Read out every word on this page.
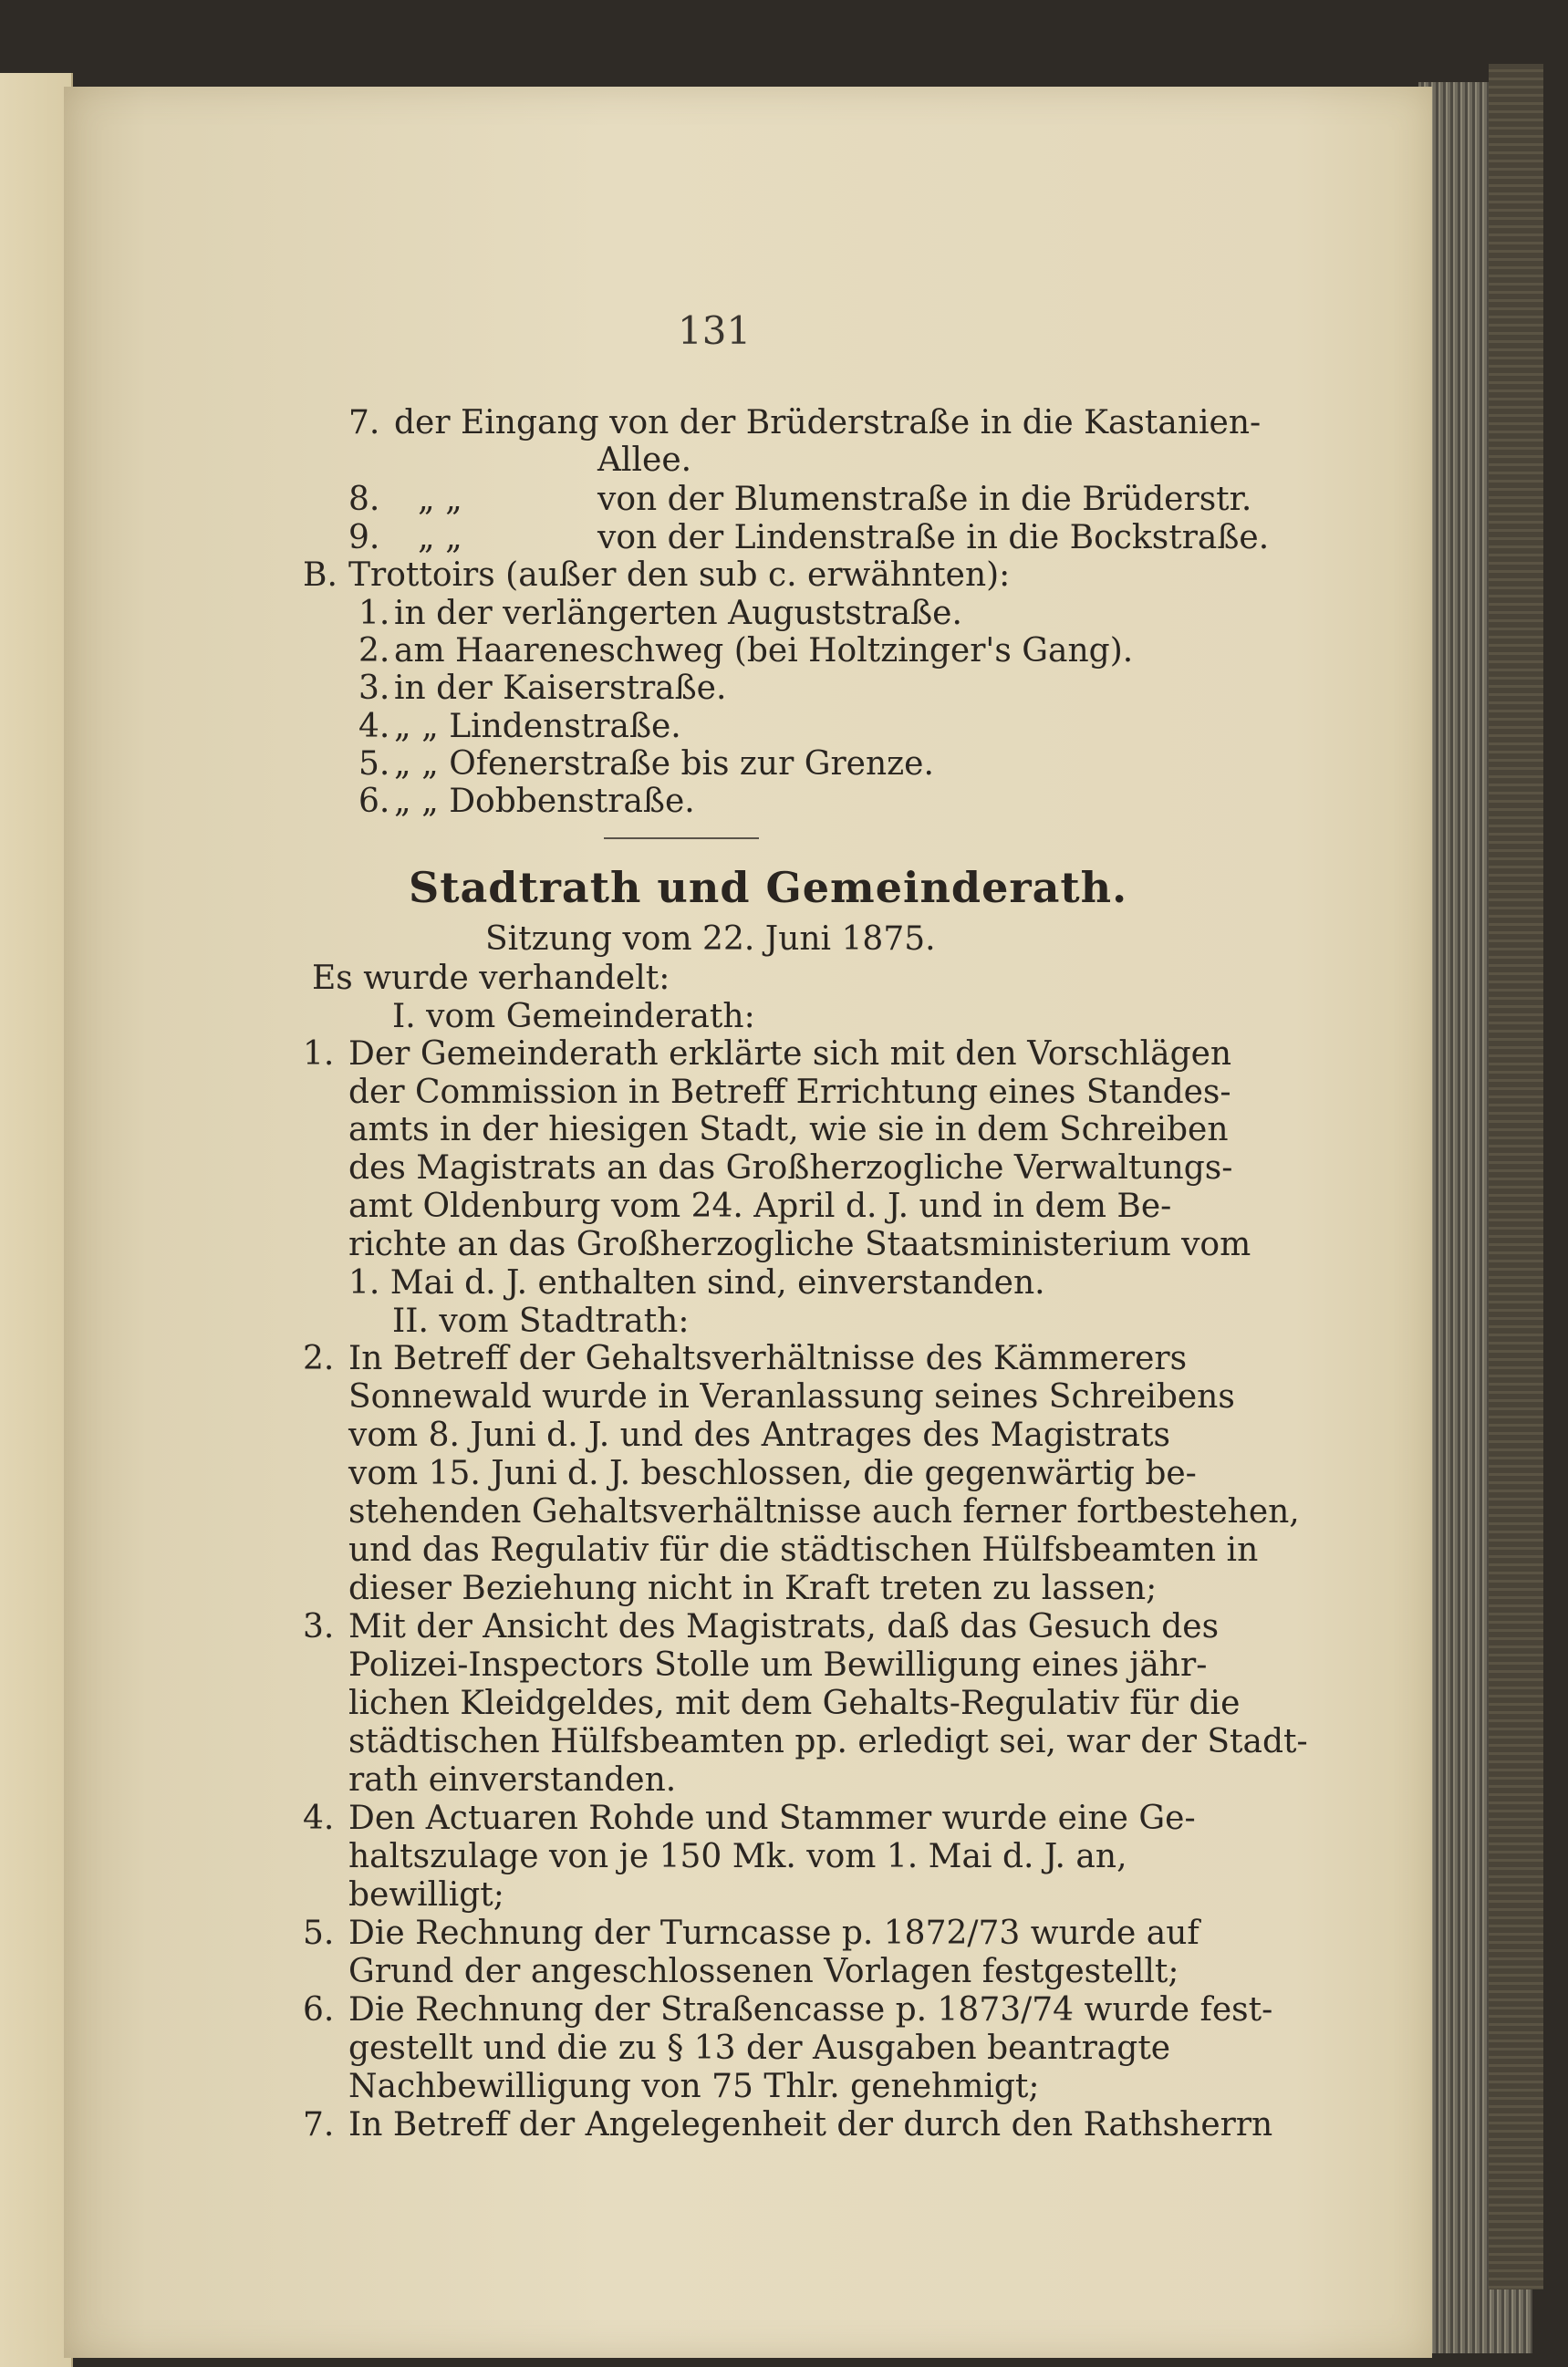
131
7. der Eingang von der Brüderstraße in die Kastanien-
Allee.
8. „ „	von der Blumenstraße in die Brüderstr.
9. „ „	von der Lindenstraße in die Bockstraße.
B. Trottoirs (außer den sub c. erwähnten):
1. in der verlängerten Auguststraße.
2. am Haareneschweg (bei Holtzinger's Gang).
3. in der Kaiserstraße.
4. „ „ Lindenstraße.
5. „ „ Ofenerstraße bis zur Grenze.
6. „ „ Dobbenstraße.
Stadtrath und Gemeinderath.
Sitzung vom 22. Juni 1875.
Es wurde verhandelt:
I. vom Gemeinderath:
1. Der Gemeinderath erklärte sich mit den Vorschlägen
der Commission in Betreff Errichtung eines Standes-
amts in der hiesigen Stadt, wie sie in dem Schreiben
des Magistrats an das Großherzogliche Verwaltungs-
amt Oldenburg vom 24. April d. J. und in dem Be-
richte an das Großherzogliche Staatsministerium vom
1. Mai d. J. enthalten sind, einverstanden.
II. vom Stadtrath:
2. In Betreff der Gehaltsverhältnisse des Kämmerers
Sonnewald wurde in Veranlassung seines Schreibens
vom 8. Juni d. J. und des Antrages des Magistrats
vom 15. Juni d. J. beschlossen, die gegenwärtig be-
stehenden Gehaltsverhältnisse auch ferner fortbestehen,
und das Regulativ für die städtischen Hülfsbeamten in
dieser Beziehung nicht in Kraft treten zu lassen;
3. Mit der Ansicht des Magistrats, daß das Gesuch des
Polizei-Inspectors Stolle um Bewilligung eines jähr-
lichen Kleidgeldes, mit dem Gehalts-Regulativ für die
städtischen Hülfsbeamten pp. erledigt sei, war der Stadt-
rath einverstanden.
4. Den Actuaren Rohde und Stammer wurde eine Ge-
haltszulage von je 150 Mk. vom 1. Mai d. J. an,
bewilligt;
5. Die Rechnung der Turncasse p. 1872/73 wurde auf
Grund der angeschlossenen Vorlagen festgestellt;
6. Die Rechnung der Straßencasse p. 1873/74 wurde fest-
gestellt und die zu § 13 der Ausgaben beantragte
Nachbewilligung von 75 Thlr. genehmigt;
7. In Betreff der Angelegenheit der durch den Rathsherrn
